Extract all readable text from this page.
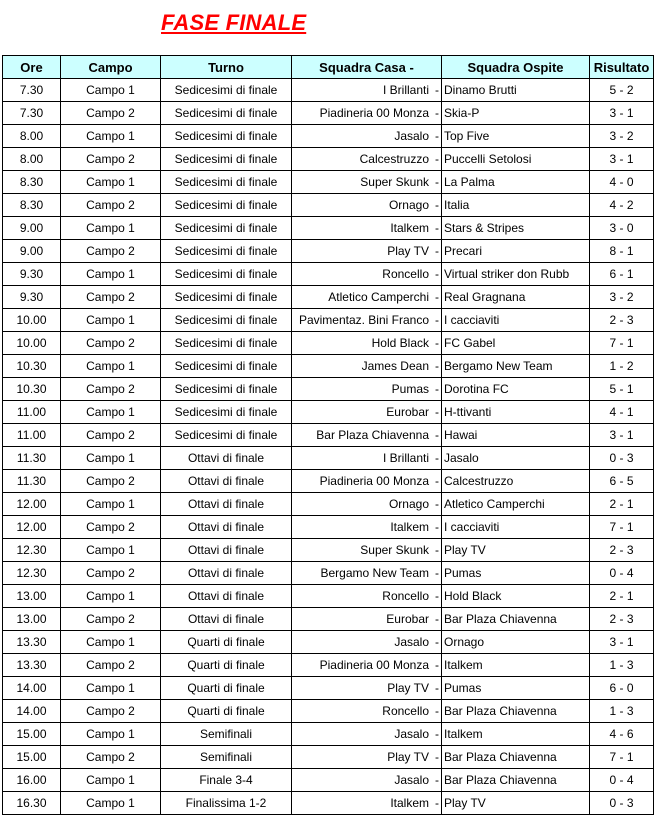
FASE FINALE
Ore	Campo	Turno	Squadra Casa -	Squadra Ospite	Risultato
7.30	Campo 1	Sedicesimi di finale	I Brillanti -	Dinamo Brutti	5 - 2
7.30	Campo 2	Sedicesimi di finale	Piadineria 00 Monza -	Skia-P	3 - 1
8.00	Campo 1	Sedicesimi di finale	Jasalo -	Top Five	3 - 2
8.00	Campo 2	Sedicesimi di finale	Calcestruzzo -	Puccelli Setolosi	3 - 1
8.30	Campo 1	Sedicesimi di finale	Super Skunk -	La Palma	4 - 0
8.30	Campo 2	Sedicesimi di finale	Ornago -	Italia	4 - 2
9.00	Campo 1	Sedicesimi di finale	Italkem -	Stars & Stripes	3 - 0
9.00	Campo 2	Sedicesimi di finale	Play TV -	Precari	8 - 1
9.30	Campo 1	Sedicesimi di finale	Roncello -	Virtual striker don Rubb	6 - 1
9.30	Campo 2	Sedicesimi di finale	Atletico Camperchi -	Real Gragnana	3 - 2
10.00	Campo 1	Sedicesimi di finale	Pavimentaz. Bini Franco -	I cacciaviti	2 - 3
10.00	Campo 2	Sedicesimi di finale	Hold Black -	FC Gabel	7 - 1
10.30	Campo 1	Sedicesimi di finale	James Dean -	Bergamo New Team	1 - 2
10.30	Campo 2	Sedicesimi di finale	Pumas -	Dorotina FC	5 - 1
11.00	Campo 1	Sedicesimi di finale	Eurobar -	H-ttivanti	4 - 1
11.00	Campo 2	Sedicesimi di finale	Bar Plaza Chiavenna -	Hawai	3 - 1
11.30	Campo 1	Ottavi di finale	I Brillanti -	Jasalo	0 - 3
11.30	Campo 2	Ottavi di finale	Piadineria 00 Monza -	Calcestruzzo	6 - 5
12.00	Campo 1	Ottavi di finale	Ornago -	Atletico Camperchi	2 - 1
12.00	Campo 2	Ottavi di finale	Italkem -	I cacciaviti	7 - 1
12.30	Campo 1	Ottavi di finale	Super Skunk -	Play TV	2 - 3
12.30	Campo 2	Ottavi di finale	Bergamo New Team -	Pumas	0 - 4
13.00	Campo 1	Ottavi di finale	Roncello -	Hold Black	2 - 1
13.00	Campo 2	Ottavi di finale	Eurobar -	Bar Plaza Chiavenna	2 - 3
13.30	Campo 1	Quarti di finale	Jasalo -	Ornago	3 - 1
13.30	Campo 2	Quarti di finale	Piadineria 00 Monza -	Italkem	1 - 3
14.00	Campo 1	Quarti di finale	Play TV -	Pumas	6 - 0
14.00	Campo 2	Quarti di finale	Roncello -	Bar Plaza Chiavenna	1 - 3
15.00	Campo 1	Semifinali	Jasalo -	Italkem	4 - 6
15.00	Campo 2	Semifinali	Play TV -	Bar Plaza Chiavenna	7 - 1
16.00	Campo 1	Finale 3-4	Jasalo -	Bar Plaza Chiavenna	0 - 4
16.30	Campo 1	Finalissima 1-2	Italkem -	Play TV	0 - 3
